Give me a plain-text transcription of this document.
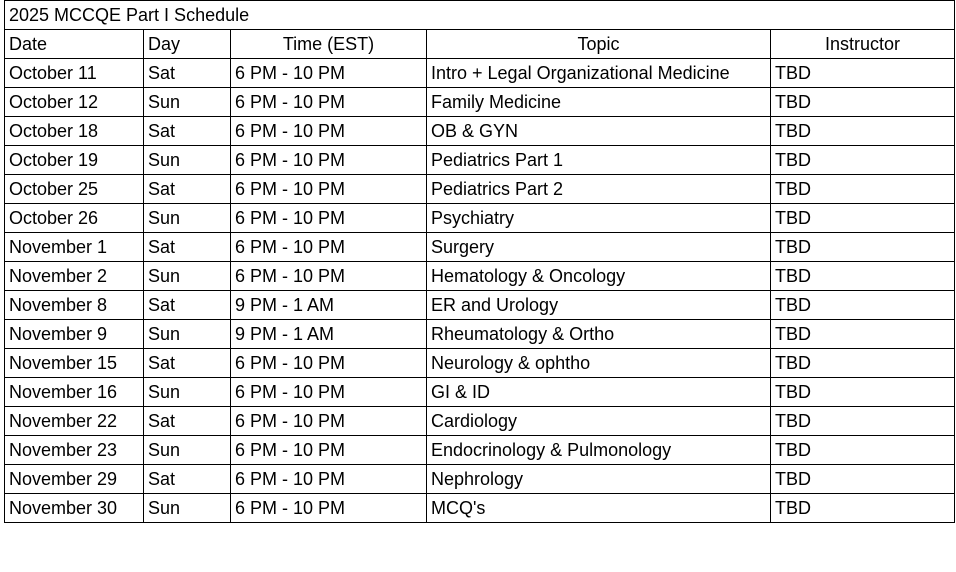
2025 MCCQE Part I Schedule				
Date	Day	Time (EST)	Topic	Instructor
October 11	Sat	6 PM - 10 PM	Intro + Legal Organizational Medicine	TBD
October 12	Sun	6 PM - 10 PM	Family Medicine	TBD
October 18	Sat	6 PM - 10 PM	OB & GYN	TBD
October 19	Sun	6 PM - 10 PM	Pediatrics Part 1	TBD
October 25	Sat	6 PM - 10 PM	Pediatrics Part 2	TBD
October 26	Sun	6 PM - 10 PM	Psychiatry	TBD
November 1	Sat	6 PM - 10 PM	Surgery	TBD
November 2	Sun	6 PM - 10 PM	Hematology & Oncology	TBD
November 8	Sat	9 PM - 1 AM	ER and Urology	TBD
November 9	Sun	9 PM - 1 AM	Rheumatology & Ortho	TBD
November 15	Sat	6 PM - 10 PM	Neurology & ophtho	TBD
November 16	Sun	6 PM - 10 PM	GI & ID	TBD
November 22	Sat	6 PM - 10 PM	Cardiology	TBD
November 23	Sun	6 PM - 10 PM	Endocrinology & Pulmonology	TBD
November 29	Sat	6 PM - 10 PM	Nephrology	TBD
November 30	Sun	6 PM - 10 PM	MCQ's	TBD
